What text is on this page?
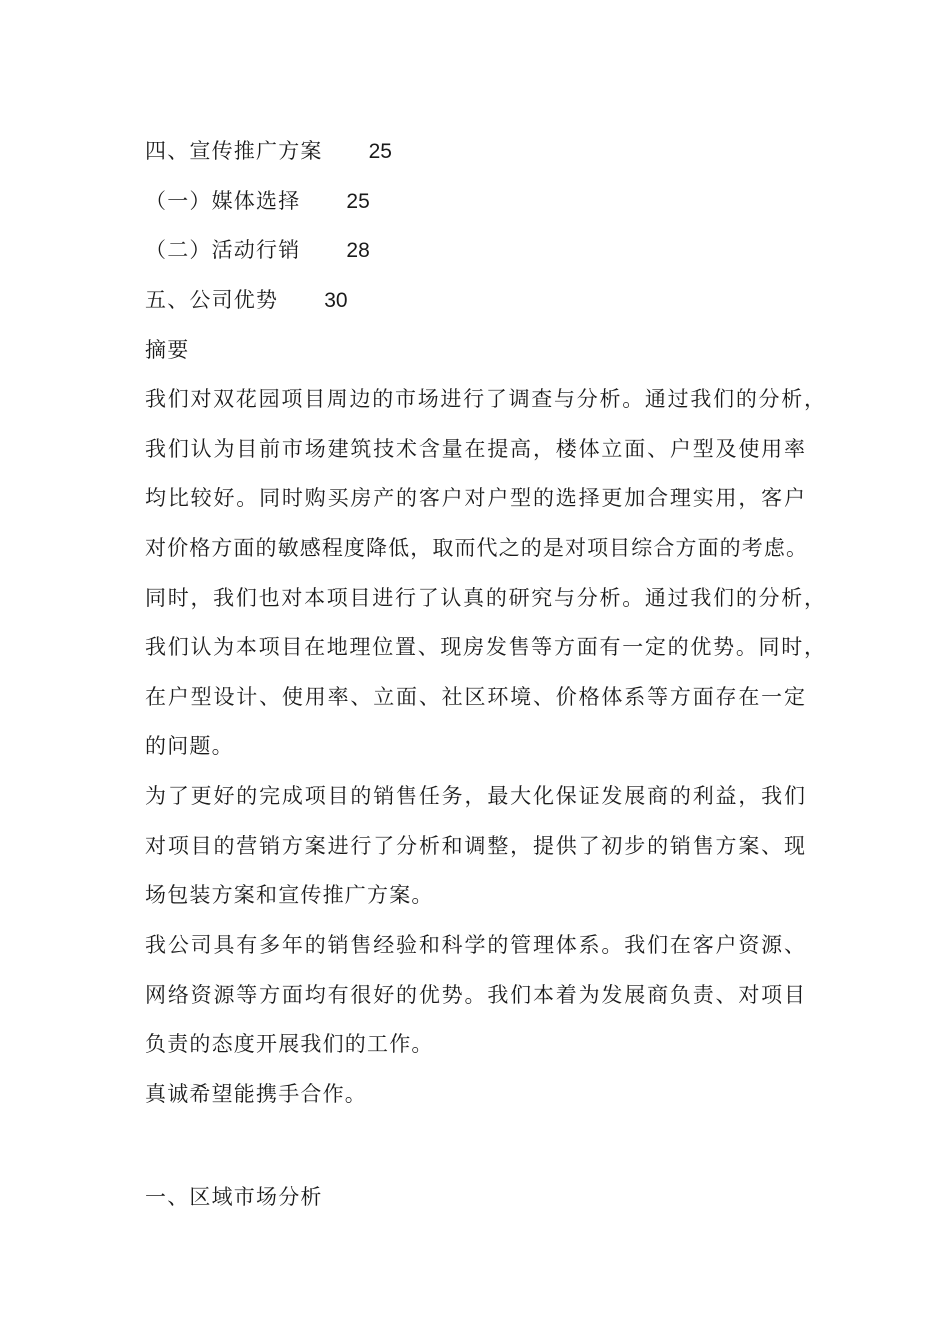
四、宣传推广方案 25
（一）媒体选择 25
（二）活动行销 28
五、公司优势 30
摘要
我们对双花园项目周边的市场进行了调查与分析。通过我们的分析，
我们认为目前市场建筑技术含量在提高，楼体立面、户型及使用率
均比较好。同时购买房产的客户对户型的选择更加合理实用，客户
对价格方面的敏感程度降低，取而代之的是对项目综合方面的考虑。
同时，我们也对本项目进行了认真的研究与分析。通过我们的分析，
我们认为本项目在地理位置、现房发售等方面有一定的优势。同时，
在户型设计、使用率、立面、社区环境、价格体系等方面存在一定
的问题。
为了更好的完成项目的销售任务，最大化保证发展商的利益，我们
对项目的营销方案进行了分析和调整，提供了初步的销售方案、现
场包装方案和宣传推广方案。
我公司具有多年的销售经验和科学的管理体系。我们在客户资源、
网络资源等方面均有很好的优势。我们本着为发展商负责、对项目
负责的态度开展我们的工作。
真诚希望能携手合作。
一、区域市场分析
